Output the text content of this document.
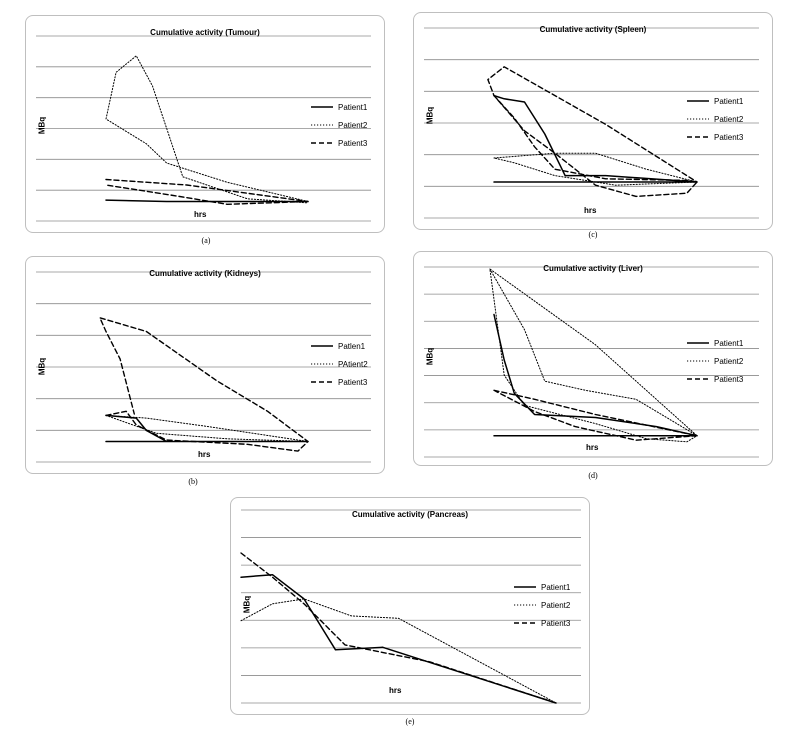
Cumulative activity (Tumour)
MBq
hrs
Patient1
Patient2
Patient3
(a)
Cumulative activity (Spleen)
MBq
hrs
Patient1
Patient2
Patient3
(c)
Cumulative activity (Kidneys)
MBq
hrs
Patlen1
PAtient2
Patient3
(b)
Cumulative activity (Liver)
MBq
hrs
Patient1
Patient2
Patient3
(d)
Cumulative activity (Pancreas)
MBq
hrs
Patient1
Patient2
Patient3
(e)
